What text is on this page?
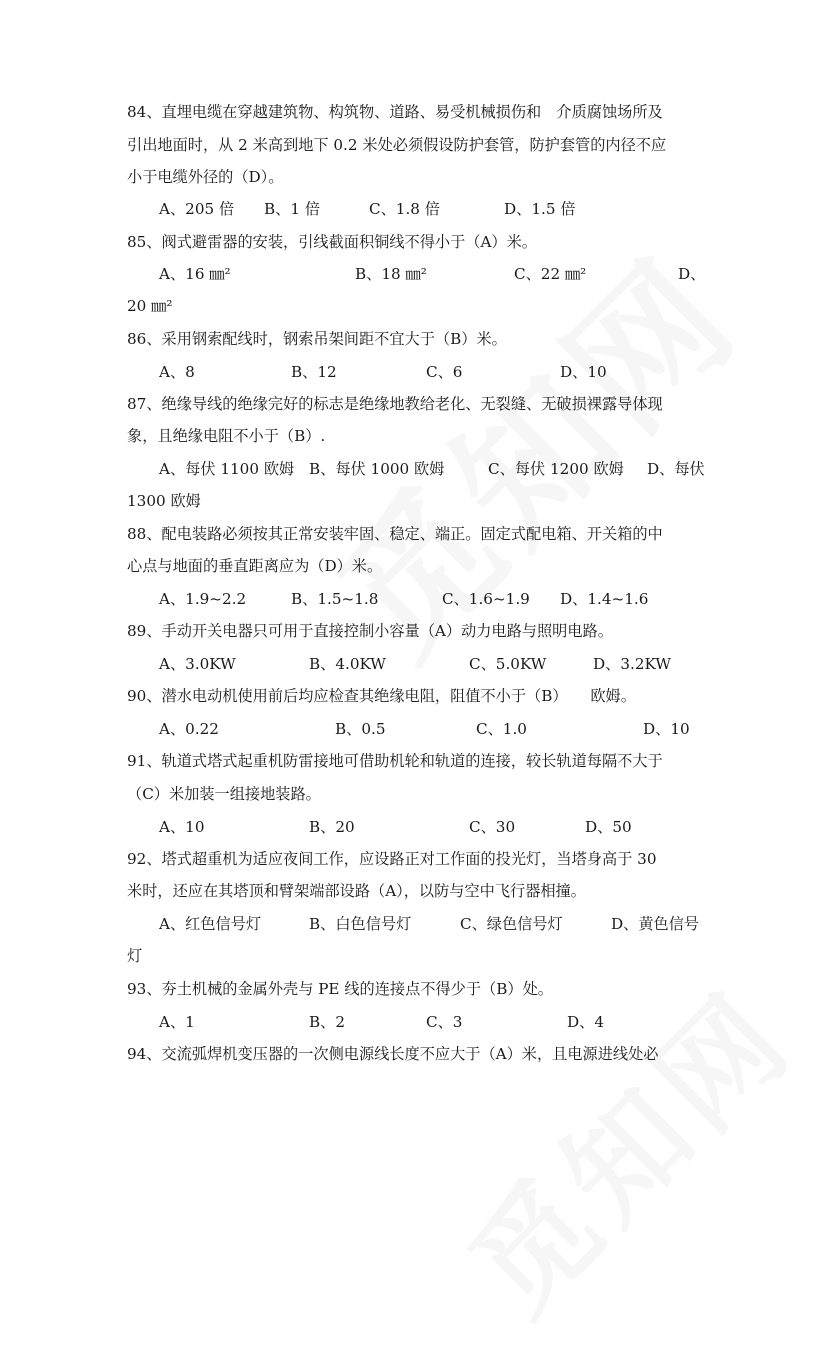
84、直埋电缆在穿越建筑物、构筑物、道路、易受机械损伤和　介质腐蚀场所及
引出地面时，从 2 米高到地下 0.2 米处必须假设防护套管，防护套管的内径不应
小于电缆外径的（D）。
A、205 倍 B、1 倍	C、1.8 倍	D、1.5 倍
85、阀式避雷器的安装，引线截面积铜线不得小于（A）米。
A、16 ㎜²	B、18 ㎜²	C、22 ㎜²	D、
20 ㎜²
86、采用钢索配线时，钢索吊架间距不宜大于（B）米。
A、8	B、12	C、6	D、10
87、绝缘导线的绝缘完好的标志是绝缘地教给老化、无裂缝、无破损裸露导体现
象，且绝缘电阻不小于（B）.
A、每伏 1100 欧姆 B、每伏 1000 欧姆	C、每伏 1200 欧姆 D、每伏
1300 欧姆
88、配电装路必须按其正常安装牢固、稳定、端正。固定式配电箱、开关箱的中
心点与地面的垂直距离应为（D）米。
A、1.9~2.2	B、1.5~1.8	C、1.6~1.9 D、1.4~1.6
89、手动开关电器只可用于直接控制小容量（A）动力电路与照明电路。
A、3.0KW	B、4.0KW	C、5.0KW	D、3.2KW
90、潜水电动机使用前后均应检查其绝缘电阻，阻值不小于（B）　　欧姆。
A、0.22	B、0.5	C、1.0	D、10
91、轨道式塔式起重机防雷接地可借助机轮和轨道的连接，较长轨道每隔不大于
（C）米加装一组接地装路。
A、10	B、20	C、30	D、50
92、塔式超重机为适应夜间工作，应设路正对工作面的投光灯，当塔身高于 30
米时，还应在其塔顶和臂架端部设路（A），以防与空中飞行器相撞。
A、红色信号灯	B、白色信号灯	C、绿色信号灯	D、黄色信号
灯
93、夯土机械的金属外壳与 PE 线的连接点不得少于（B）处。
A、1	B、2	C、3	D、4
94、交流弧焊机变压器的一次侧电源线长度不应大于（A）米，且电源进线处必
